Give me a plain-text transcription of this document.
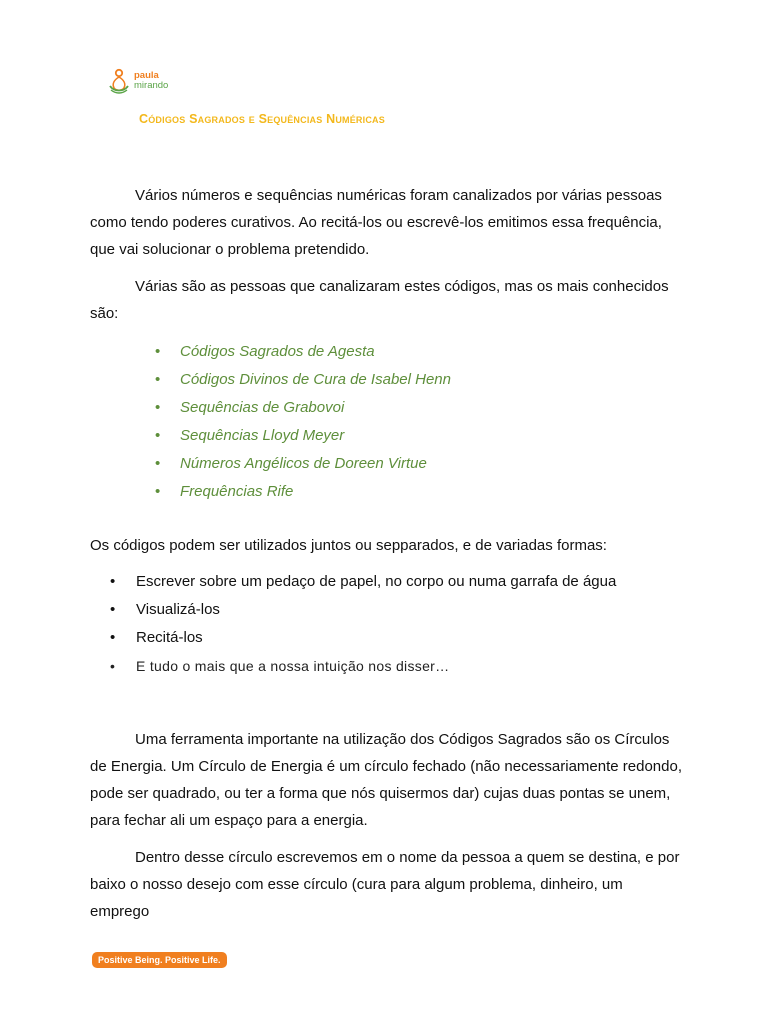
paula
mirando
Códigos Sagrados e Sequências Numéricas

Vários números e sequências numéricas foram canalizados por várias pessoas como tendo poderes curativos. Ao recitá-los ou escrevê-los emitimos essa frequência, que vai solucionar o problema pretendido.

Várias são as pessoas que canalizaram estes códigos, mas os mais conhecidos são:

• Códigos Sagrados de Agesta
• Códigos Divinos de Cura de Isabel Henn
• Sequências de Grabovoi
• Sequências Lloyd Meyer
• Números Angélicos de Doreen Virtue
• Frequências Rife

Os códigos podem ser utilizados juntos ou sepparados, e de variadas formas:

• Escrever sobre um pedaço de papel, no corpo ou numa garrafa de água
• Visualizá-los
• Recitá-los
• E tudo o mais que a nossa intuição nos disser…

Uma ferramenta importante na utilização dos Códigos Sagrados são os Círculos de Energia. Um Círculo de Energia é um círculo fechado (não necessariamente redondo, pode ser quadrado, ou ter a forma que nós quisermos dar) cujas duas pontas se unem, para fechar ali um espaço para a energia.

Dentro desse círculo escrevemos em o nome da pessoa a quem se destina, e por baixo o nosso desejo com esse círculo (cura para algum problema, dinheiro, um emprego

Positive Being. Positive Life.
